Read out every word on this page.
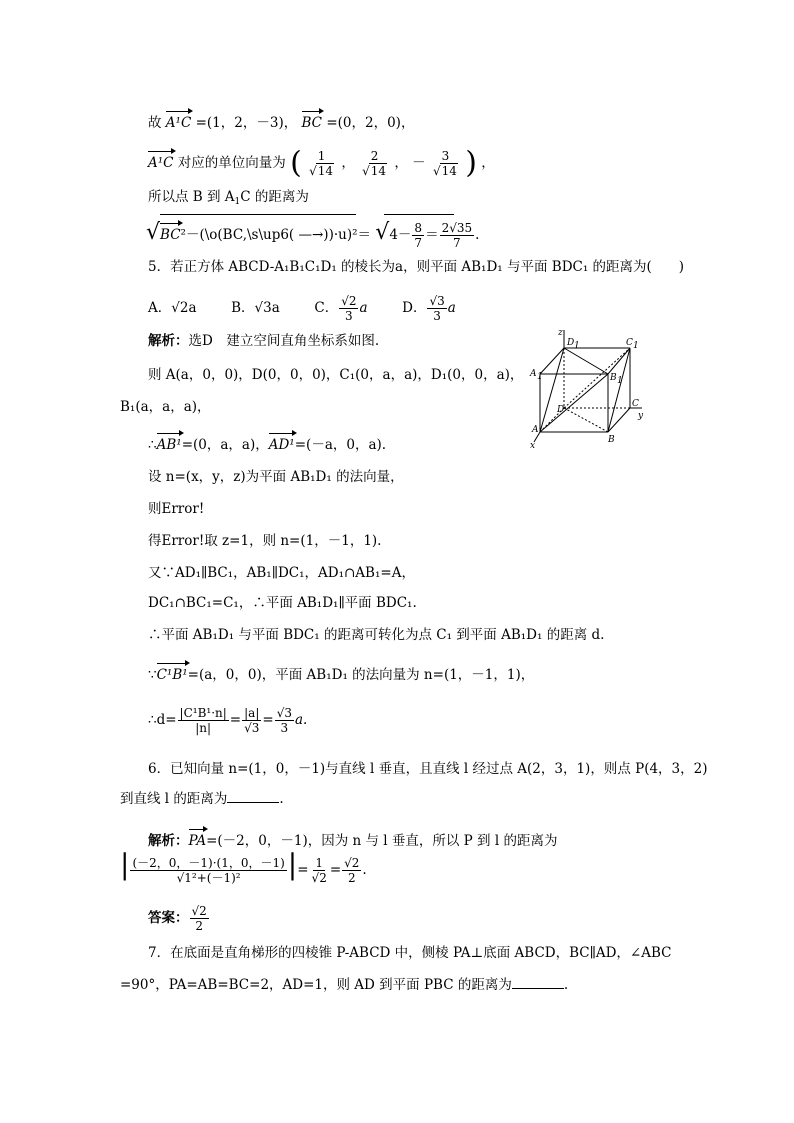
故 A¹C =(1，2，－3)， BC =(0，2，0)，
A¹C 对应的单位向量为 ( $\frac{1}{√14}$ ， $\frac{2}{√14}$ ， － $\frac{3}{√14}$ ) ，
所以点 B 到 $A_1C$ 的距离为
√BC²－(\o(BC,\s\up6( —→))·u)²＝ $√4- \frac{8}{7} = \frac{2√35}{7}$ .
5．若正方体 ABCD-A₁B₁C₁D₁ 的棱长为a，则平面 AB₁D₁ 与平面 BDC₁ 的距离为(　　)
A．√2a	B．√3a	C． $\frac{√2}{3}$ a	D． $\frac{√3}{3}$ a
解析：选D　建立空间直角坐标系如图.
则 A(a，0，0)，D(0，0，0)，C₁(0，a，a)，D₁(0，0，a)，
B₁(a，a，a)，
∴AB¹=(0，a，a)，AD¹=(－a，0，a).
设 n=(x，y，z)为平面 AB₁D₁ 的法向量，
则Error!
得Error!取 z=1，则 n=(1，－1，1).
又∵AD₁∥BC₁，AB₁∥DC₁，AD₁∩AB₁=A，
DC₁∩BC₁=C₁，∴平面 AB₁D₁∥平面 BDC₁.
∴平面 AB₁D₁ 与平面 BDC₁ 的距离可转化为点 C₁ 到平面 AB₁D₁ 的距离 d.
∵C¹B¹=(a，0，0)，平面 AB₁D₁ 的法向量为 n=(1，－1，1)，
∴d= $\frac{\text{|C¹B¹·n|}}{|n|} = \frac{|a|}{√3} = \frac{√3}{3} a$.
6．已知向量 n=(1，0，－1)与直线 l 垂直，且直线 l 经过点 A(2，3，1)，则点 P(4，3，2)
到直线 l 的距离为	.
解析：PA=(－2，0，－1)，因为 n 与 l 垂直，所以 P 到 l 的距离为
| $\frac{(-2,0,-1)\cdot(1,0,-1)}{\text{√1²+(－1)²}}$ |= $\frac{1}{√2} = \frac{√2}{2}$ .
答案： $\frac{√2}{2}$
7．在底面是直角梯形的四棱锥 P-ABCD 中，侧棱 PA⊥底面 ABCD，BC∥AD，∠ABC
=90°，PA=AB=BC=2，AD=1，则 AD 到平面 PBC 的距离为	.
z
y
x
A
B
C
D
A 1	B 1
C 1
D 1
